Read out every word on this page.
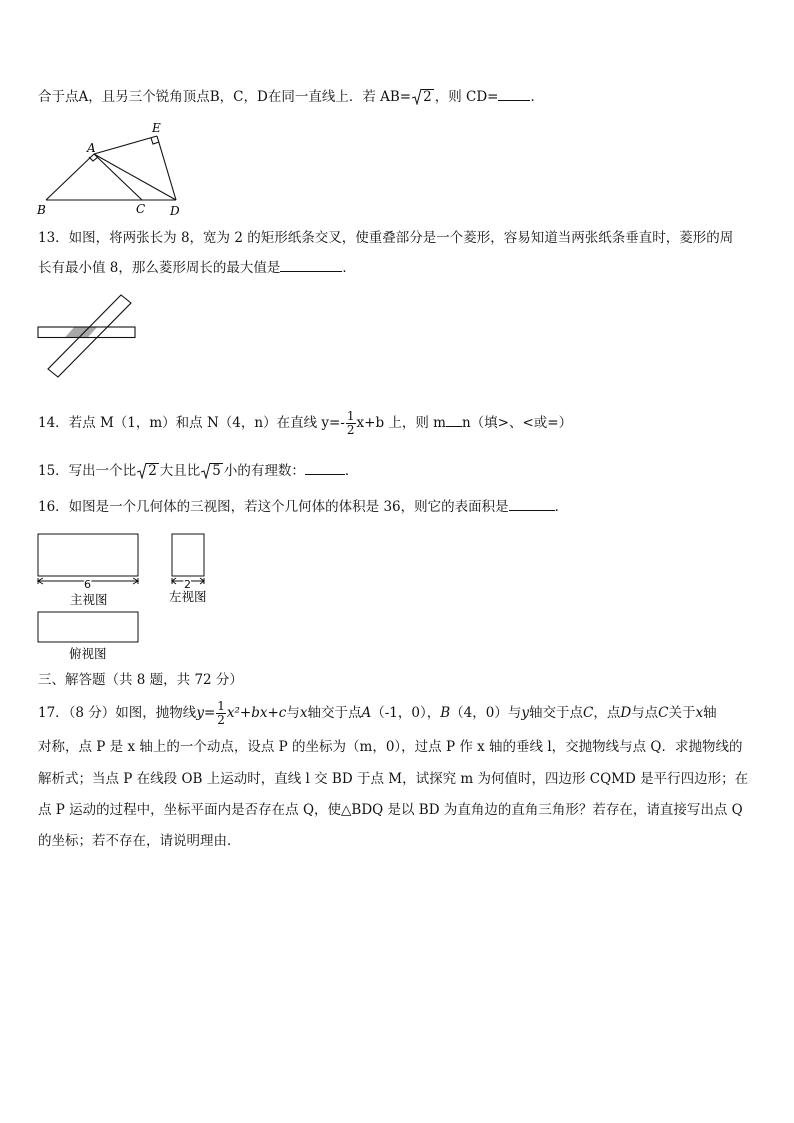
合于点A，且另三个锐角顶点B，C，D在同一直线上．若 AB= 2 ，则 CD= ．
A
B	C D
E
13．如图，将两张长为 8，宽为 2 的矩形纸条交叉，使重叠部分是一个菱形，容易知道当两张纸条垂直时，菱形的周
长有最小值 8，那么菱形周长的最大值是	．
14．若点 M（1，m）和点 N（4，n）在直线 $y=- \frac{1}{2} x+b$ 上，则 m n（填>、<或=）
15．写出一个比 2 大且比 5 小的有理数：	．
16．如图是一个几何体的三视图，若这个几何体的体积是 36，则它的表面积是	．
6
主视图
2
左视图
俯视图
三、解答题（共 8 题，共 72 分）
17．（8 分）如图，抛物线$y= \frac{1}{2} x^2+bx+c$与x轴交于点A（-1，0），B（4，0）与y轴交于点C，点D与点C关于x轴
对称，点 P 是 x 轴上的一个动点，设点 P 的坐标为（m，0），过点 P 作 x 轴的垂线 l，交抛物线与点 Q．求抛物线的
解析式；当点 P 在线段 OB 上运动时，直线 l 交 BD 于点 M，试探究 m 为何值时，四边形 CQMD 是平行四边形；在
点 P 运动的过程中，坐标平面内是否存在点 Q，使△BDQ 是以 BD 为直角边的直角三角形？若存在，请直接写出点 Q
的坐标；若不存在，请说明理由．
